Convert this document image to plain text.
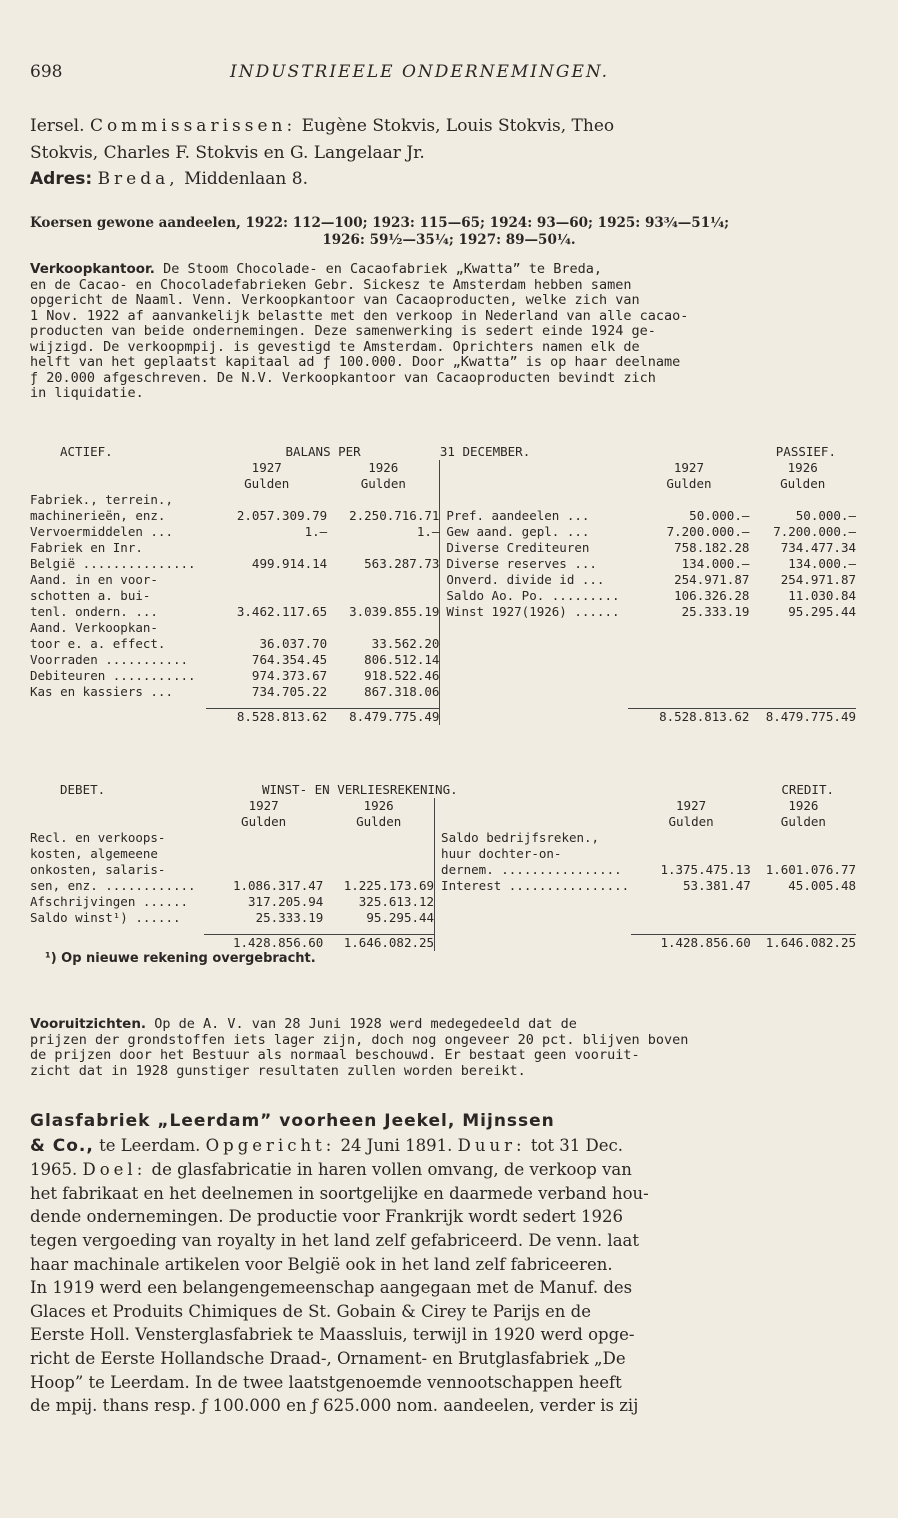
698	INDUSTRIEELE ONDERNEMINGEN.

Iersel. Commissarissen: Eugène Stokvis, Louis Stokvis, Theo

Stokvis, Charles F. Stokvis en G. Langelaar Jr.

Adres: Breda, Middenlaan 8.

Koersen gewone aandeelen, 1922: 112—100; 1923: 115—65; 1924: 93—60; 1925: 93¾—51¼;

1926: 59½—35¼; 1927: 89—50¼.

Verkoopkantoor. De Stoom Chocolade- en Cacaofabriek „Kwatta” te Breda,
en de Cacao- en Chocoladefabrieken Gebr. Sickesz te Amsterdam hebben samen
opgericht de Naaml. Venn. Verkoopkantoor van Cacaoproducten, welke zich van
1 Nov. 1922 af aanvankelijk belastte met den verkoop in Nederland van alle cacao-
producten van beide ondernemingen. Deze samenwerking is sedert einde 1924 ge-
wijzigd. De verkoopmpij. is gevestigd te Amsterdam. Oprichters namen elk de
helft van het geplaatst kapitaal ad ƒ 100.000. Door „Kwatta” is op haar deelname
ƒ 20.000 afgeschreven. De N.V. Verkoopkantoor van Cacaoproducten bevindt zich
in liquidatie.
ACTIEF.	BALANS PER		31 DECEMBER.	PASSIEF.	
	1927	1926		1927	1926
	Gulden	Gulden		Gulden	Gulden
Fabriek., terrein.,					
machinerieën, enz.	2.057.309.79	2.250.716.71	Pref. aandeelen ...	50.000.—	50.000.—
Vervoermiddelen ...	1.—	1.—	Gew aand. gepl. ...	7.200.000.—	7.200.000.—
Fabriek en Inr.			Diverse Crediteuren	758.182.28	734.477.34
België ...............	499.914.14	563.287.73	Diverse reserves ...	134.000.—	134.000.—
Aand. in en voor-			Onverd. divide id ...	254.971.87	254.971.87
schotten a. bui-			Saldo Ao. Po. .........	106.326.28	11.030.84
tenl. ondern. ...	3.462.117.65	3.039.855.19	Winst 1927(1926) ......	25.333.19	95.295.44
Aand. Verkoopkan-					
toor e. a. effect.	36.037.70	33.562.20			
Voorraden ...........	764.354.45	806.512.14			
Debiteuren ...........	974.373.67	918.522.46			
Kas en kassiers ...	734.705.22	867.318.06			

	8.528.813.62	8.479.775.49		8.528.813.62	8.479.775.49
DEBET.	WINST- EN VERLIESREKENING.			CREDIT.	
	1927	1926		1927	1926
	Gulden	Gulden		Gulden	Gulden
Recl. en verkoops-			Saldo bedrijfsreken.,		
kosten, algemeene			huur dochter-on-		
onkosten, salaris-			dernem. ................	1.375.475.13	1.601.076.77
sen, enz. ............	1.086.317.47	1.225.173.69	Interest ................	53.381.47	45.005.48
Afschrijvingen ......	317.205.94	325.613.12			
Saldo winst¹) ......	25.333.19	95.295.44			

	1.428.856.60	1.646.082.25		1.428.856.60	1.646.082.25
¹) Op nieuwe rekening overgebracht.					
Vooruitzichten. Op de A. V. van 28 Juni 1928 werd medegedeeld dat de
prijzen der grondstoffen iets lager zijn, doch nog ongeveer 20 pct. blijven boven
de prijzen door het Bestuur als normaal beschouwd. Er bestaat geen vooruit-
zicht dat in 1928 gunstiger resultaten zullen worden bereikt.
Glasfabriek „Leerdam” voorheen Jeekel, Mijnssen
& Co., te Leerdam. Opgericht: 24 Juni 1891. Duur: tot 31 Dec.
1965. Doel: de glasfabricatie in haren vollen omvang, de verkoop van
het fabrikaat en het deelnemen in soortgelijke en daarmede verband hou-
dende ondernemingen. De productie voor Frankrijk wordt sedert 1926
tegen vergoeding van royalty in het land zelf gefabriceerd. De venn. laat
haar machinale artikelen voor België ook in het land zelf fabriceeren.
In 1919 werd een belangengemeenschap aangegaan met de Manuf. des
Glaces et Produits Chimiques de St. Gobain & Cirey te Parijs en de
Eerste Holl. Vensterglasfabriek te Maassluis, terwijl in 1920 werd opge-
richt de Eerste Hollandsche Draad-, Ornament- en Brutglasfabriek „De
Hoop” te Leerdam. In de twee laatstgenoemde vennootschappen heeft
de mpij. thans resp. ƒ 100.000 en ƒ 625.000 nom. aandeelen, verder is zij
